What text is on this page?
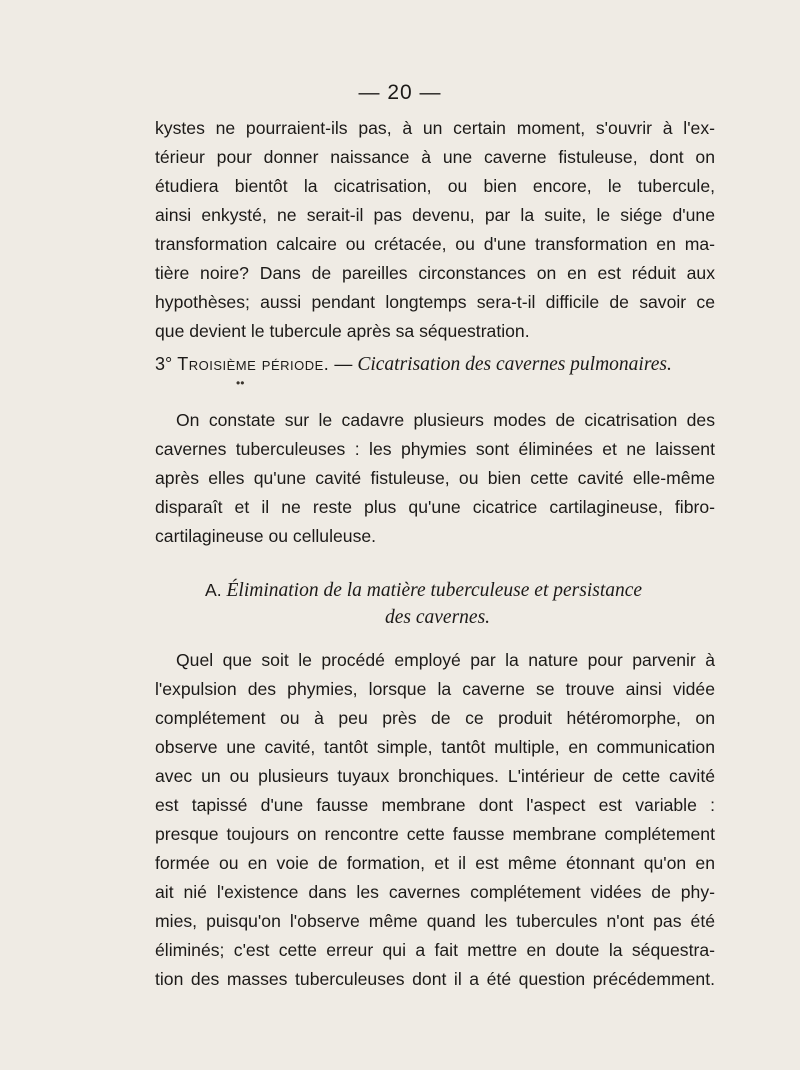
— 20 —
kystes ne pourraient-ils pas, à un certain moment, s'ouvrir à l'ex-
térieur pour donner naissance à une caverne fistuleuse, dont on
étudiera bientôt la cicatrisation, ou bien encore, le tubercule,
ainsi enkysté, ne serait-il pas devenu, par la suite, le siége d'une
transformation calcaire ou crétacée, ou d'une transformation en ma-
tière noire? Dans de pareilles circonstances on en est réduit aux
hypothèses; aussi pendant longtemps sera-t-il difficile de savoir ce
que devient le tubercule après sa séquestration.
3° Troisième période. — Cicatrisation des cavernes pulmonaires.
••
On constate sur le cadavre plusieurs modes de cicatrisation des
cavernes tuberculeuses : les phymies sont éliminées et ne laissent
après elles qu'une cavité fistuleuse, ou bien cette cavité elle-même
disparaît et il ne reste plus qu'une cicatrice cartilagineuse, fibro-
cartilagineuse ou celluleuse.
A. Élimination de la matière tuberculeuse et persistance
des cavernes.
Quel que soit le procédé employé par la nature pour parvenir à
l'expulsion des phymies, lorsque la caverne se trouve ainsi vidée
complétement ou à peu près de ce produit hétéromorphe, on
observe une cavité, tantôt simple, tantôt multiple, en communication
avec un ou plusieurs tuyaux bronchiques. L'intérieur de cette cavité
est tapissé d'une fausse membrane dont l'aspect est variable :
presque toujours on rencontre cette fausse membrane complétement
formée ou en voie de formation, et il est même étonnant qu'on en
ait nié l'existence dans les cavernes complétement vidées de phy-
mies, puisqu'on l'observe même quand les tubercules n'ont pas été
éliminés; c'est cette erreur qui a fait mettre en doute la séquestra-
tion des masses tuberculeuses dont il a été question précédemment.
